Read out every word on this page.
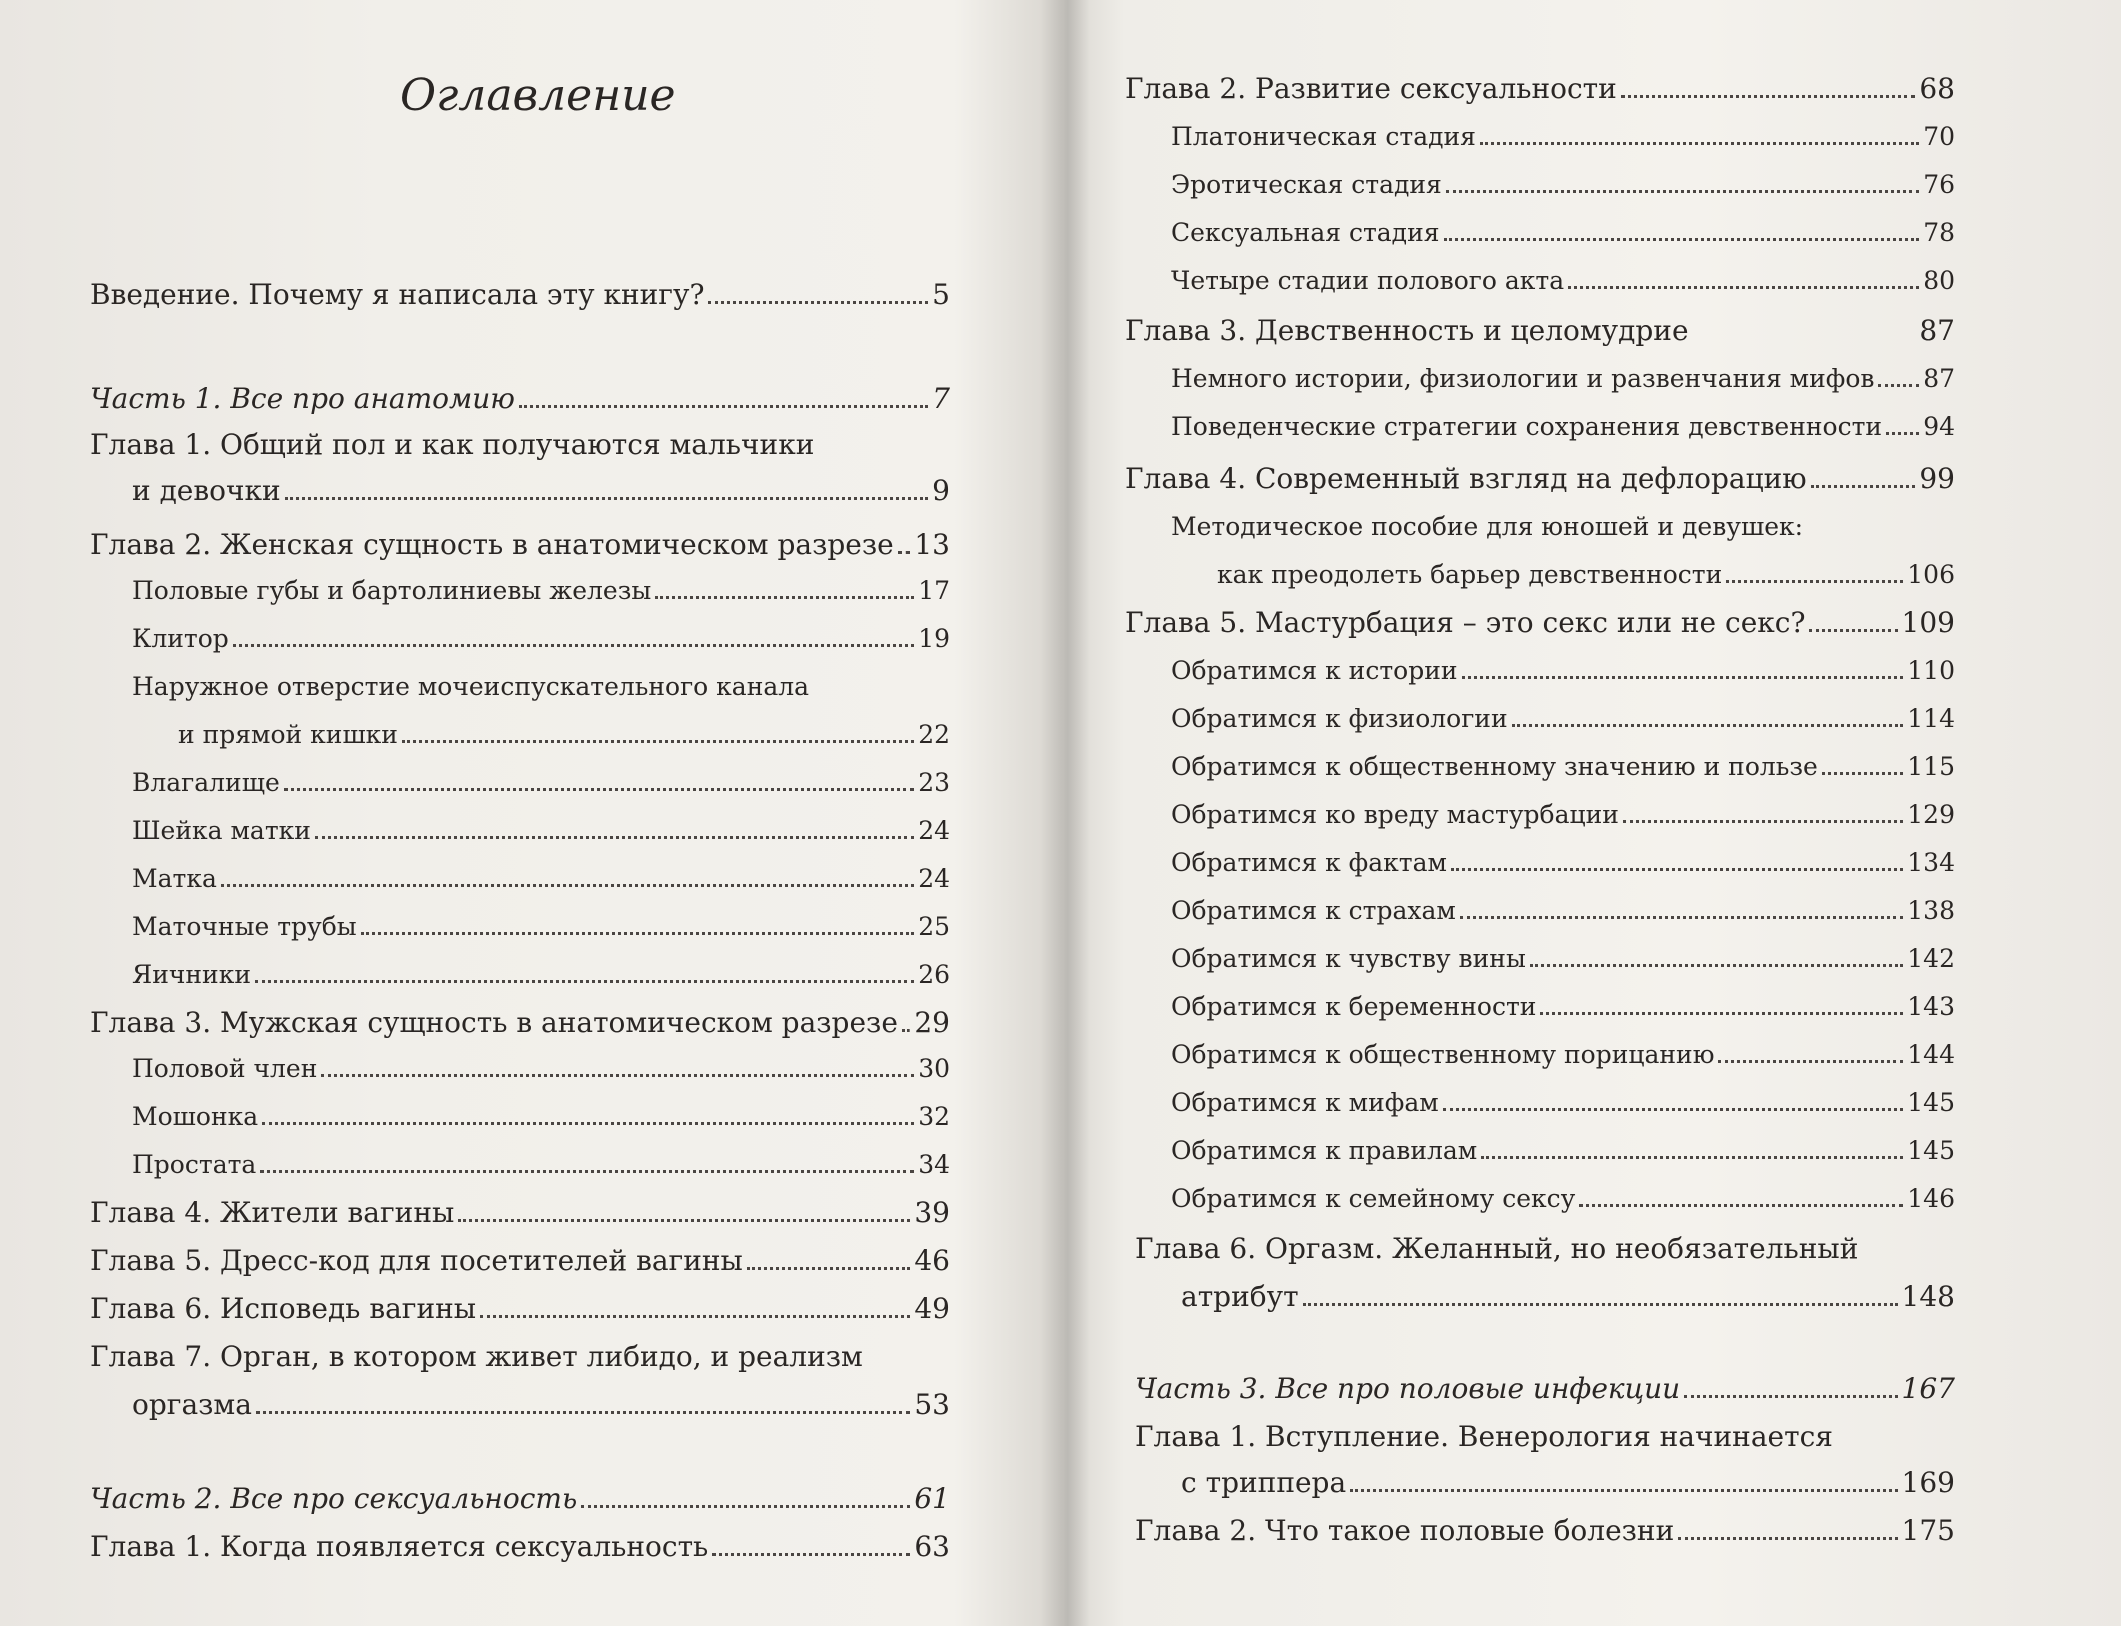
Оглавление
Введение. Почему я написала эту книгу?	5
Часть 1. Все про анатомию	7
Глава 1. Общий пол и как получаются мальчики
и девочки	9
Глава 2. Женская сущность в анатомическом разрезе 13
Половые губы и бартолиниевы железы	17
Клитор	19
Наружное отверстие мочеиспускательного канала
и прямой кишки	22
Влагалище	23
Шейка матки	24
Матка	24
Маточные трубы	25
Яичники	26
Глава 3. Мужская сущность в анатомическом разрезе 29
Половой член	30
Мошонка	32
Простата	34
Глава 4. Жители вагины	39
Глава 5. Дресс-код для посетителей вагины	46
Глава 6. Исповедь вагины	49
Глава 7. Орган, в котором живет либидо, и реализм
оргазма	53
Часть 2. Все про сексуальность	61
Глава 1. Когда появляется сексуальность	63
Глава 2. Развитие сексуальности	68
Платоническая стадия	70
Эротическая стадия	76
Сексуальная стадия	78
Четыре стадии полового акта	80
Глава 3. Девственность и целомудрие	87
Немного истории, физиологии и развенчания мифов 87
Поведенческие стратегии сохранения девственности 94
Глава 4. Современный взгляд на дефлорацию	99
Методическое пособие для юношей и девушек:
как преодолеть барьер девственности	106
Глава 5. Мастурбация – это секс или не секс?	109
Обратимся к истории	110
Обратимся к физиологии	114
Обратимся к общественному значению и пользе	115
Обратимся ко вреду мастурбации	129
Обратимся к фактам	134
Обратимся к страхам	138
Обратимся к чувству вины	142
Обратимся к беременности	143
Обратимся к общественному порицанию	144
Обратимся к мифам	145
Обратимся к правилам	145
Обратимся к семейному сексу	146
Глава 6. Оргазм. Желанный, но необязательный
атрибут	148
Часть 3. Все про половые инфекции	167
Глава 1. Вступление. Венерология начинается
с триппера	169
Глава 2. Что такое половые болезни	175
